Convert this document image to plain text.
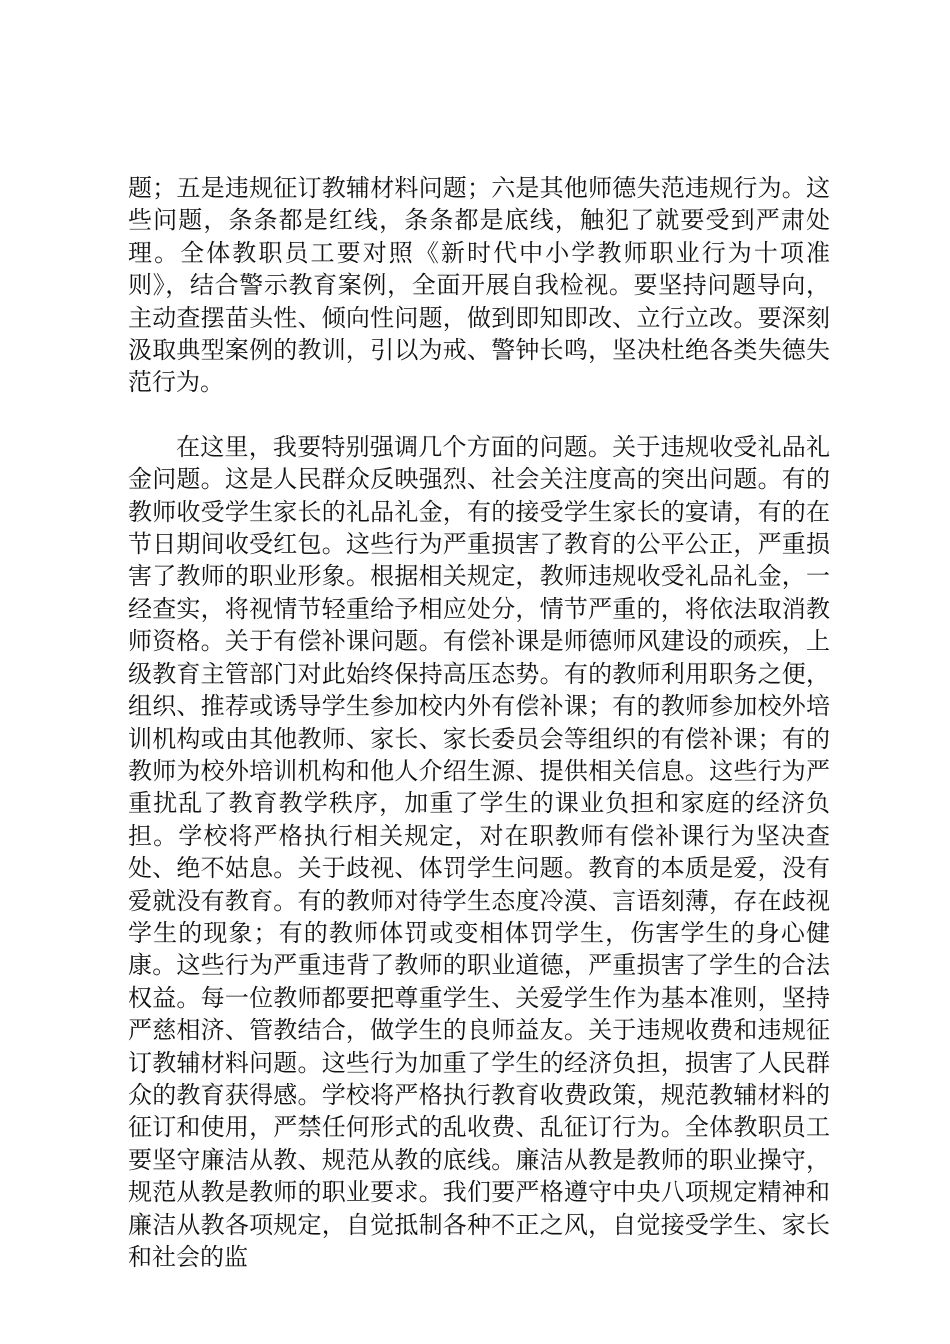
题；五是违规征订教辅材料问题；六是其他师德失范违规行为。这些问题，条条都是红线，条条都是底线，触犯了就要受到严肃处理。全体教职员工要对照《新时代中小学教师职业行为十项准则》，结合警示教育案例，全面开展自我检视。要坚持问题导向，主动查摆苗头性、倾向性问题，做到即知即改、立行立改。要深刻汲取典型案例的教训，引以为戒、警钟长鸣，坚决杜绝各类失德失范行为。

在这里，我要特别强调几个方面的问题。关于违规收受礼品礼金问题。这是人民群众反映强烈、社会关注度高的突出问题。有的教师收受学生家长的礼品礼金，有的接受学生家长的宴请，有的在节日期间收受红包。这些行为严重损害了教育的公平公正，严重损害了教师的职业形象。根据相关规定，教师违规收受礼品礼金，一经查实，将视情节轻重给予相应处分，情节严重的，将依法取消教师资格。关于有偿补课问题。有偿补课是师德师风建设的顽疾，上级教育主管部门对此始终保持高压态势。有的教师利用职务之便，组织、推荐或诱导学生参加校内外有偿补课；有的教师参加校外培训机构或由其他教师、家长、家长委员会等组织的有偿补课；有的教师为校外培训机构和他人介绍生源、提供相关信息。这些行为严重扰乱了教育教学秩序，加重了学生的课业负担和家庭的经济负担。学校将严格执行相关规定，对在职教师有偿补课行为坚决查处、绝不姑息。关于歧视、体罚学生问题。教育的本质是爱，没有爱就没有教育。有的教师对待学生态度冷漠、言语刻薄，存在歧视学生的现象；有的教师体罚或变相体罚学生，伤害学生的身心健康。这些行为严重违背了教师的职业道德，严重损害了学生的合法权益。每一位教师都要把尊重学生、关爱学生作为基本准则，坚持严慈相济、管教结合，做学生的良师益友。关于违规收费和违规征订教辅材料问题。这些行为加重了学生的经济负担，损害了人民群众的教育获得感。学校将严格执行教育收费政策，规范教辅材料的征订和使用，严禁任何形式的乱收费、乱征订行为。全体教职员工要坚守廉洁从教、规范从教的底线。廉洁从教是教师的职业操守，规范从教是教师的职业要求。我们要严格遵守中央八项规定精神和廉洁从教各项规定，自觉抵制各种不正之风，自觉接受学生、家长和社会的监
